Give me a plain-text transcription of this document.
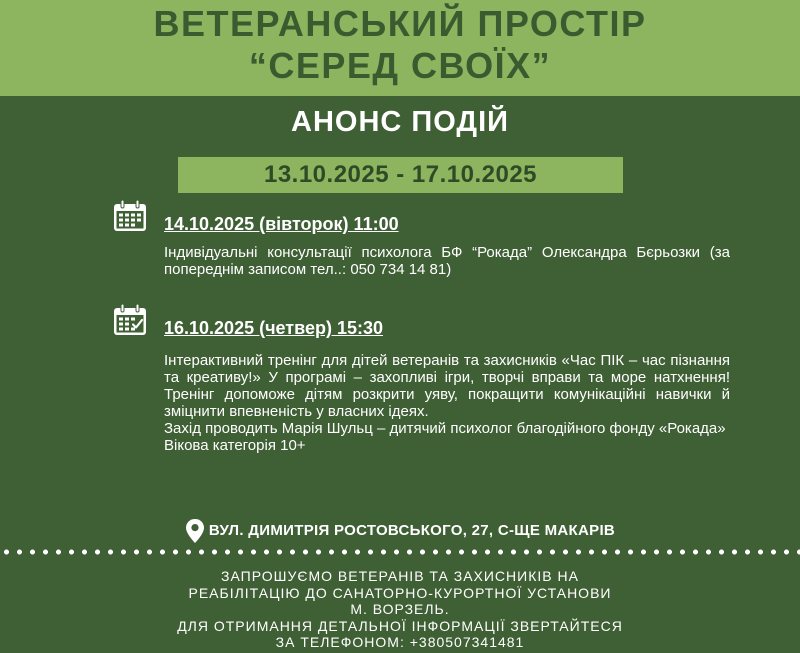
ВЕТЕРАНСЬКИЙ ПРОСТІР
“СЕРЕД СВОЇХ”
АНОНС ПОДІЙ
13.10.2025 - 17.10.2025
14.10.2025 (вівторок) 11:00
Індивідуальні консультації психолога БФ “Рокада” Олександра Бєрьозки (за попереднім записом тел..: 050 734 14 81)
16.10.2025 (четвер) 15:30

Інтерактивний тренінг для дітей ветеранів та захисників «Час ПІК – час пізнання та креативу!» У програмі – захопливі ігри, творчі вправи та море натхнення! Тренінг допоможе дітям розкрити уяву, покращити комунікаційні навички й зміцнити впевненість у власних ідеях.

Захід проводить Марія Шульц – дитячий психолог благодійного фонду «Рокада»

Вікова категорія 10+

ВУЛ. ДИМИТРІЯ РОСТОВСЬКОГО, 27, С-ЩЕ МАКАРІВ
ЗАПРОШУЄМО ВЕТЕРАНІВ ТА ЗАХИСНИКІВ НА
РЕАБІЛІТАЦІЮ ДО САНАТОРНО-КУРОРТНОЇ УСТАНОВИ
М. ВОРЗЕЛЬ.
ДЛЯ ОТРИМАННЯ ДЕТАЛЬНОЇ ІНФОРМАЦІЇ ЗВЕРТАЙТЕСЯ
ЗА ТЕЛЕФОНОМ: +380507341481
